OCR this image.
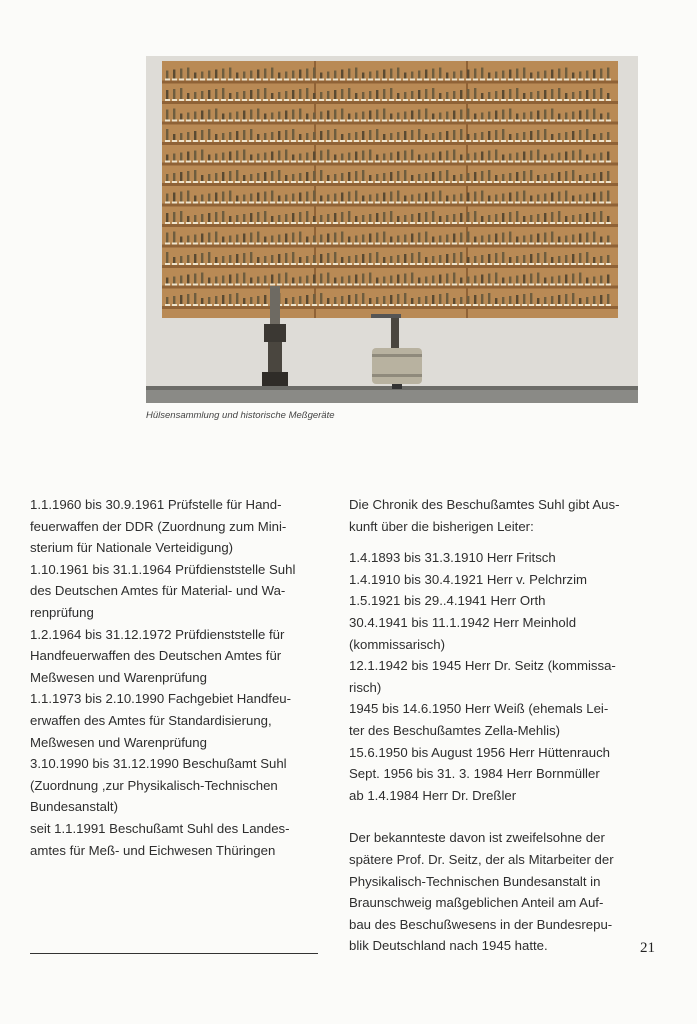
Hülsensammlung und historische Meßgeräte

1.1.1960 bis 30.9.1961 Prüfstelle für Hand-

feuerwaffen der DDR (Zuordnung zum Mini-

sterium für Nationale Verteidigung)

1.10.1961 bis 31.1.1964 Prüfdienststelle Suhl

des Deutschen Amtes für Material- und Wa-

renprüfung

1.2.1964 bis 31.12.1972 Prüfdienststelle für

Handfeuerwaffen des Deutschen Amtes für

Meßwesen und Warenprüfung

1.1.1973 bis 2.10.1990 Fachgebiet Handfeu-

erwaffen des Amtes für Standardisierung,

Meßwesen und Warenprüfung

3.10.1990 bis 31.12.1990 Beschußamt Suhl

(Zuordnung ,zur Physikalisch-Technischen

Bundesanstalt)

seit 1.1.1991 Beschußamt Suhl des Landes-

amtes für Meß- und Eichwesen Thüringen

Die Chronik des Beschußamtes Suhl gibt Aus-

kunft über die bisherigen Leiter:

1.4.1893 bis 31.3.1910 Herr Fritsch

1.4.1910 bis 30.4.1921 Herr v. Pelchrzim

1.5.1921 bis 29..4.1941 Herr Orth

30.4.1941 bis 11.1.1942 Herr Meinhold

(kommissarisch)

12.1.1942 bis 1945 Herr Dr. Seitz (kommissa-

risch)

1945 bis 14.6.1950 Herr Weiß (ehemals Lei-

ter des Beschußamtes Zella-Mehlis)

15.6.1950 bis August 1956 Herr Hüttenrauch

Sept. 1956 bis 31. 3. 1984 Herr Bornmüller

ab 1.4.1984 Herr Dr. Dreßler

Der bekannteste davon ist zweifelsohne der

spätere Prof. Dr. Seitz, der als Mitarbeiter der

Physikalisch-Technischen Bundesanstalt in

Braunschweig maßgeblichen Anteil am Auf-

bau des Beschußwesens in der Bundesrepu-

blik Deutschland nach 1945 hatte.	21
